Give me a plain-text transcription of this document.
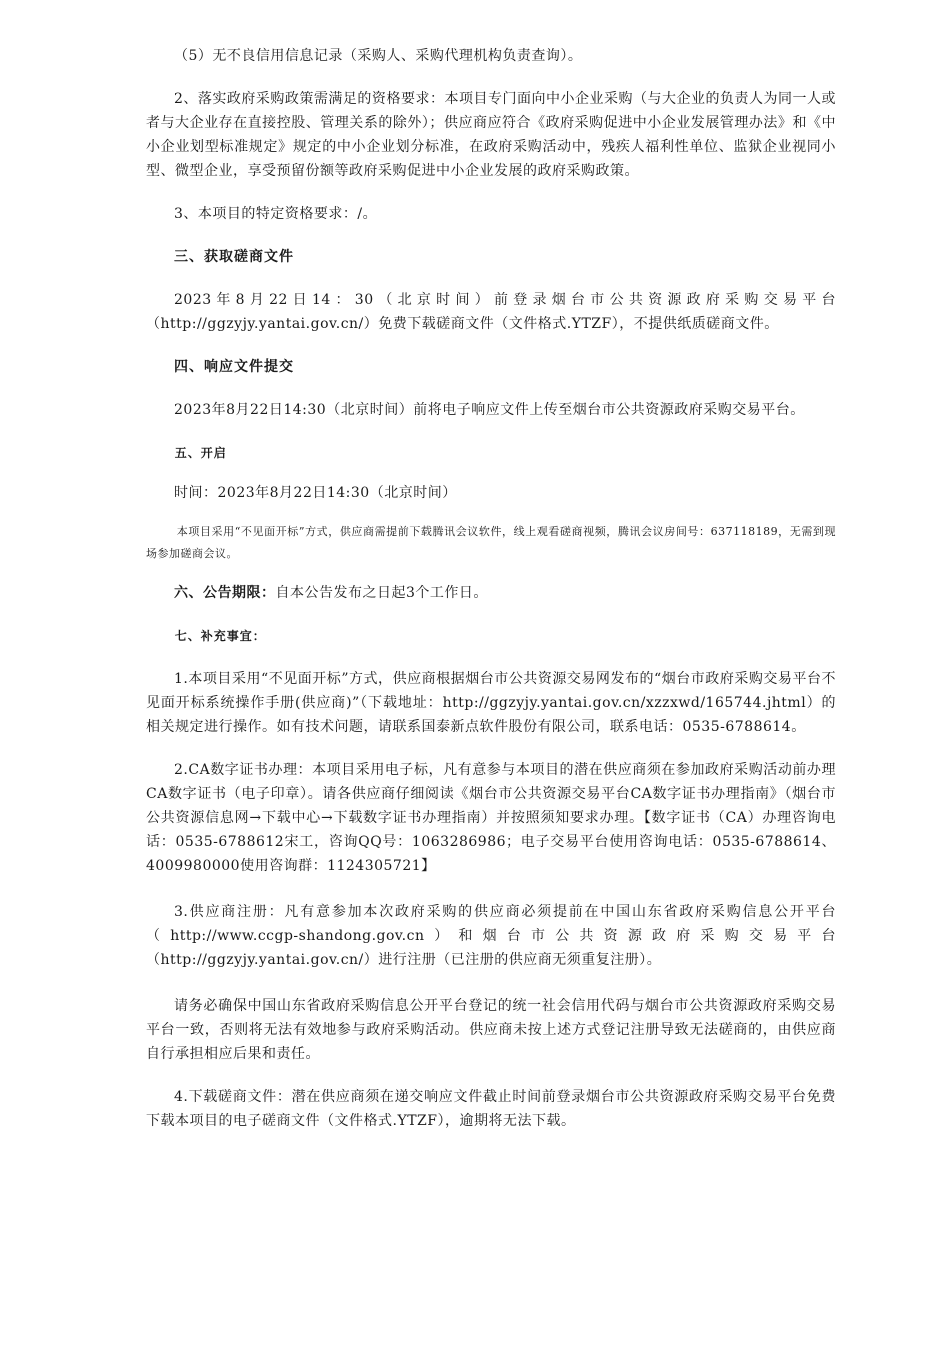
（5）无不良信用信息记录（采购人、采购代理机构负责查询）。

2、落实政府采购政策需满足的资格要求：本项目专门面向中小企业采购（与大企业的负责人为同一人或者与大企业存在直接控股、管理关系的除外）；供应商应符合《政府采购促进中小企业发展管理办法》和《中小企业划型标准规定》规定的中小企业划分标准，在政府采购活动中，残疾人福利性单位、监狱企业视同小型、微型企业，享受预留份额等政府采购促进中小企业发展的政府采购政策。

3、本项目的特定资格要求：/。

三、获取磋商文件

2023年8月22日14：30（北京时间）前登录烟台市公共资源政府采购交易平台（http://ggzyjy.yantai.gov.cn/）免费下载磋商文件（文件格式.YTZF），不提供纸质磋商文件。

四、响应文件提交

2023年8月22日14:30（北京时间）前将电子响应文件上传至烟台市公共资源政府采购交易平台。

五、开启

时间：2023年8月22日14:30（北京时间）

本项目采用“不见面开标”方式，供应商需提前下载腾讯会议软件，线上观看磋商视频，腾讯会议房间号：637118189，无需到现场参加磋商会议。

六、公告期限：自本公告发布之日起3个工作日。

七、补充事宜：

1.本项目采用“不见面开标”方式，供应商根据烟台市公共资源交易网发布的“烟台市政府采购交易平台不见面开标系统操作手册(供应商)”（下载地址：http://ggzyjy.yantai.gov.cn/xzzxwd/165744.jhtml）的相关规定进行操作。如有技术问题，请联系国泰新点软件股份有限公司，联系电话：0535-6788614。

2.CA数字证书办理：本项目采用电子标，凡有意参与本项目的潜在供应商须在参加政府采购活动前办理CA数字证书（电子印章）。请各供应商仔细阅读《烟台市公共资源交易平台CA数字证书办理指南》（烟台市公共资源信息网→下载中心→下载数字证书办理指南）并按照须知要求办理。【数字证书（CA）办理咨询电话：0535-6788612宋工，咨询QQ号：1063286986；电子交易平台使用咨询电话：0535-6788614、4009980000使用咨询群：1124305721】

3.供应商注册：凡有意参加本次政府采购的供应商必须提前在中国山东省政府采购信息公开平台（http://www.ccgp-shandong.gov.cn）和烟台市公共资源政府采购交易平台（http://ggzyjy.yantai.gov.cn/）进行注册（已注册的供应商无须重复注册）。

请务必确保中国山东省政府采购信息公开平台登记的统一社会信用代码与烟台市公共资源政府采购交易平台一致，否则将无法有效地参与政府采购活动。供应商未按上述方式登记注册导致无法磋商的，由供应商自行承担相应后果和责任。

4.下载磋商文件：潜在供应商须在递交响应文件截止时间前登录烟台市公共资源政府采购交易平台免费下载本项目的电子磋商文件（文件格式.YTZF），逾期将无法下载。
